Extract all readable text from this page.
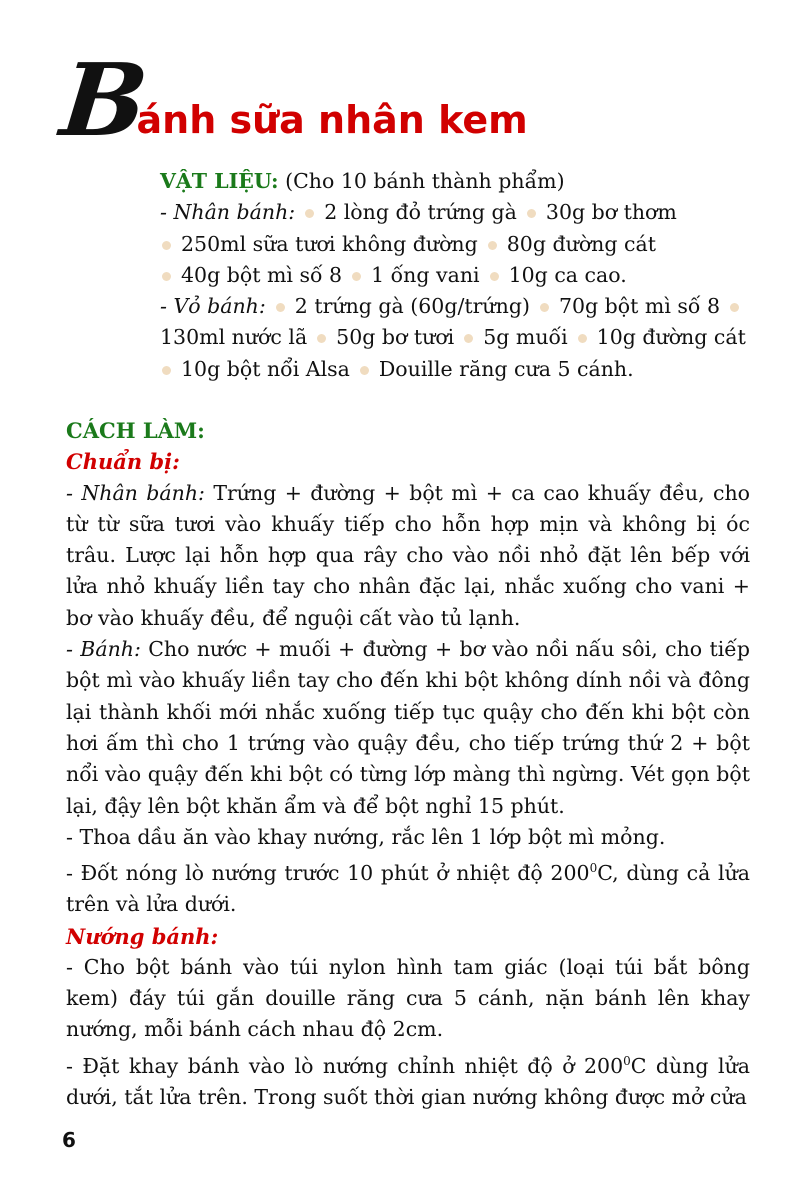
Bánh sữa nhân kem

VẬT LIỆU: (Cho 10 bánh thành phẩm)

- Nhân bánh: 2 lòng đỏ trứng gà 30g bơ thơm

250ml sữa tươi không đường 80g đường cát

40g bột mì số 8 1 ống vani 10g ca cao.

- Vỏ bánh: 2 trứng gà (60g/trứng) 70g bột mì số 8

130ml nước lã 50g bơ tươi 5g muối 10g đường cát

10g bột nổi Alsa Douille răng cưa 5 cánh.

CÁCH LÀM:

Chuẩn bị:

- Nhân bánh: Trứng + đường + bột mì + ca cao khuấy đều, cho từ từ sữa tươi vào khuấy tiếp cho hỗn hợp mịn và không bị óc trâu. Lược lại hỗn hợp qua rây cho vào nồi nhỏ đặt lên bếp với lửa nhỏ khuấy liền tay cho nhân đặc lại, nhắc xuống cho vani + bơ vào khuấy đều, để nguội cất vào tủ lạnh.

- Bánh: Cho nước + muối + đường + bơ vào nồi nấu sôi, cho tiếp bột mì vào khuấy liền tay cho đến khi bột không dính nồi và đông lại thành khối mới nhắc xuống tiếp tục quậy cho đến khi bột còn hơi ấm thì cho 1 trứng vào quậy đều, cho tiếp trứng thứ 2 + bột nổi vào quậy đến khi bột có từng lớp màng thì ngừng. Vét gọn bột lại, đậy lên bột khăn ẩm và để bột nghỉ 15 phút.

- Thoa dầu ăn vào khay nướng, rắc lên 1 lớp bột mì mỏng.

- Đốt nóng lò nướng trước 10 phút ở nhiệt độ $200^0C$, dùng cả lửa trên và lửa dưới.

Nướng bánh:

- Cho bột bánh vào túi nylon hình tam giác (loại túi bắt bông kem) đáy túi gắn douille răng cưa 5 cánh, nặn bánh lên khay nướng, mỗi bánh cách nhau độ 2cm.

- Đặt khay bánh vào lò nướng chỉnh nhiệt độ ở $200^0C$ dùng lửa dưới, tắt lửa trên. Trong suốt thời gian nướng không được mở cửa

6
